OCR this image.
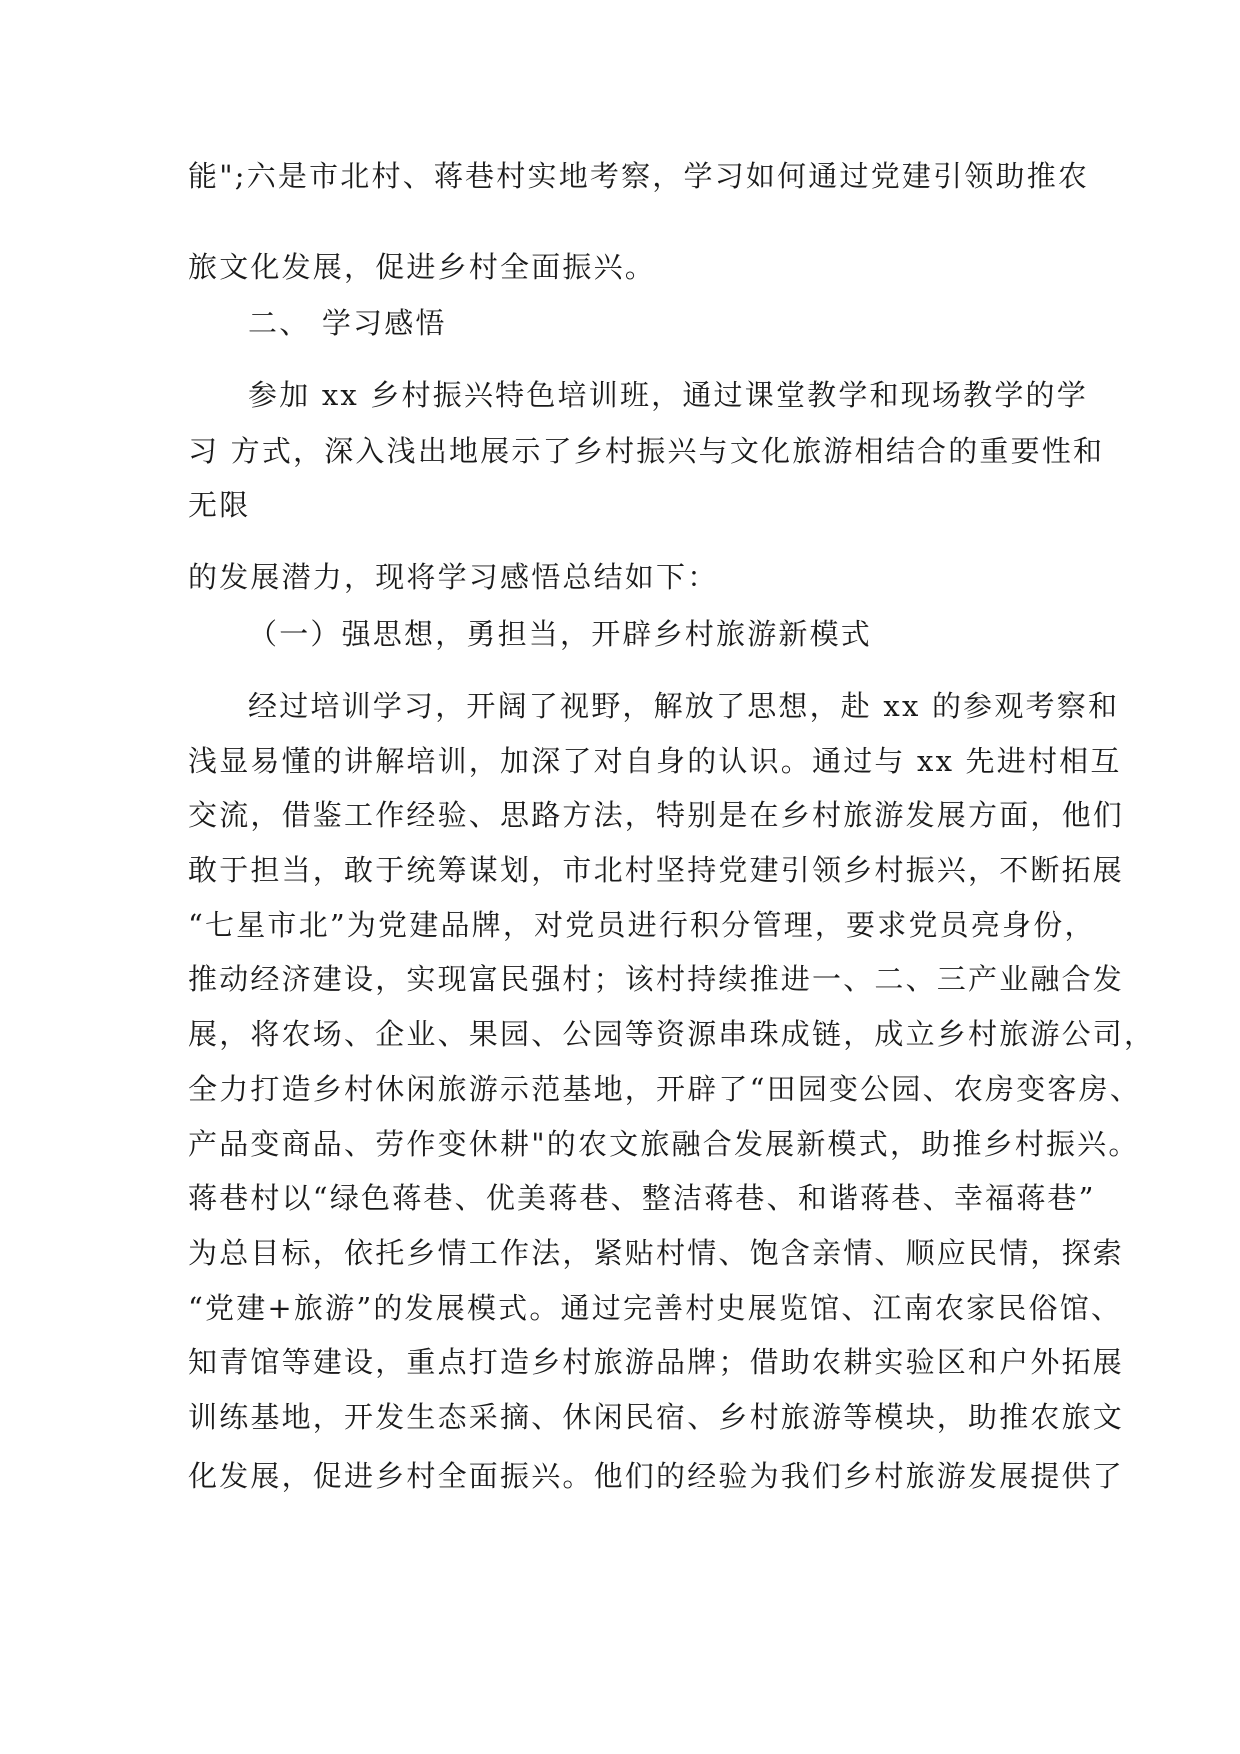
能";六是市北村、蒋巷村实地考察，学习如何通过党建引领助推农
旅文化发展，促进乡村全面振兴。
二、 学习感悟
参加 xx 乡村振兴特色培训班，通过课堂教学和现场教学的学
习 方式，深入浅出地展示了乡村振兴与文化旅游相结合的重要性和
无限
的发展潜力，现将学习感悟总结如下：
（一）强思想，勇担当，开辟乡村旅游新模式
经过培训学习，开阔了视野，解放了思想，赴 xx 的参观考察和
浅显易懂的讲解培训，加深了对自身的认识。通过与 xx 先进村相互
交流，借鉴工作经验、思路方法，特别是在乡村旅游发展方面，他们
敢于担当，敢于统筹谋划，市北村坚持党建引领乡村振兴，不断拓展
“七星市北”为党建品牌，对党员进行积分管理，要求党员亮身份，
推动经济建设，实现富民强村；该村持续推进一、二、三产业融合发
展，将农场、企业、果园、公园等资源串珠成链，成立乡村旅游公司，
全力打造乡村休闲旅游示范基地，开辟了“田园变公园、农房变客房、
产品变商品、劳作变休耕"的农文旅融合发展新模式，助推乡村振兴。
蒋巷村以“绿色蒋巷、优美蒋巷、整洁蒋巷、和谐蒋巷、幸福蒋巷”
为总目标，依托乡情工作法，紧贴村情、饱含亲情、顺应民情，探索
“党建+旅游”的发展模式。通过完善村史展览馆、江南农家民俗馆、
知青馆等建设，重点打造乡村旅游品牌；借助农耕实验区和户外拓展
训练基地，开发生态采摘、休闲民宿、乡村旅游等模块，助推农旅文
化发展，促进乡村全面振兴。他们的经验为我们乡村旅游发展提供了
